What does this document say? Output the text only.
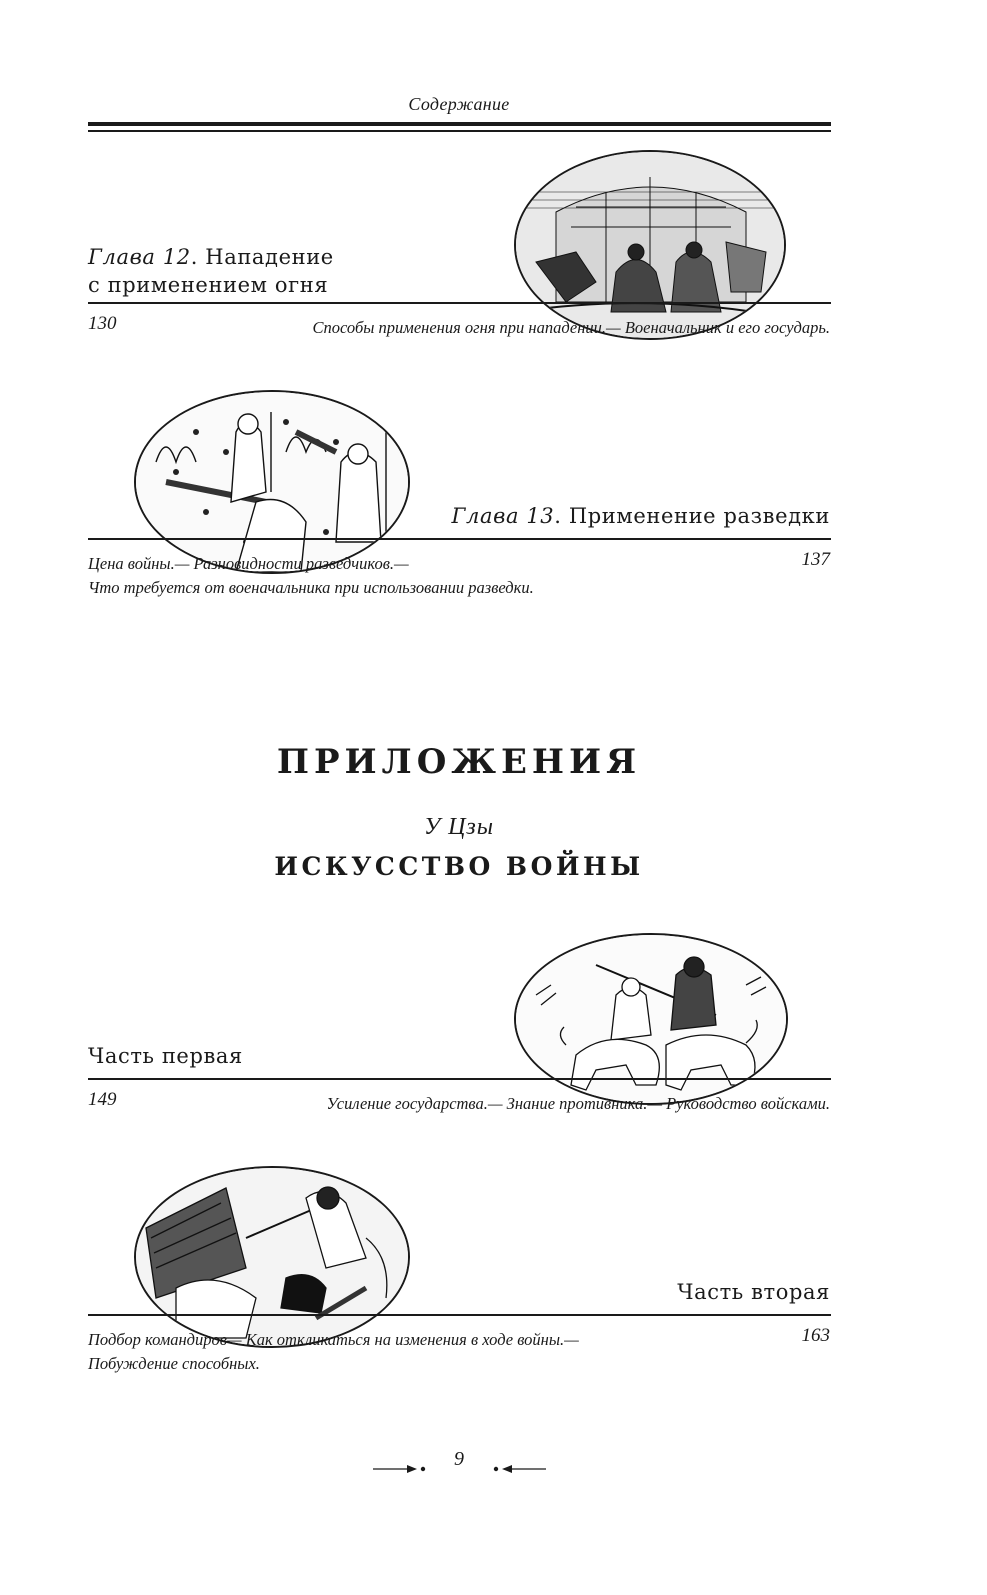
Содержание
Глава 12. Нападение
с применением огня
130	Способы применения огня при нападении.— Военачальник и его государь.
Глава 13. Применение разведки
137
Цена войны.— Разновидности разведчиков.—
Что требуется от военачальника при использовании разведки.
ПРИЛОЖЕНИЯ
У Цзы
ИСКУССТВО ВОЙНЫ
Часть первая
149	Усиление государства.— Знание противника.— Руководство войсками.
Часть вторая
163
Подбор командиров— Как откликаться на изменения в ходе войны.—
Побуждение способных.
9
